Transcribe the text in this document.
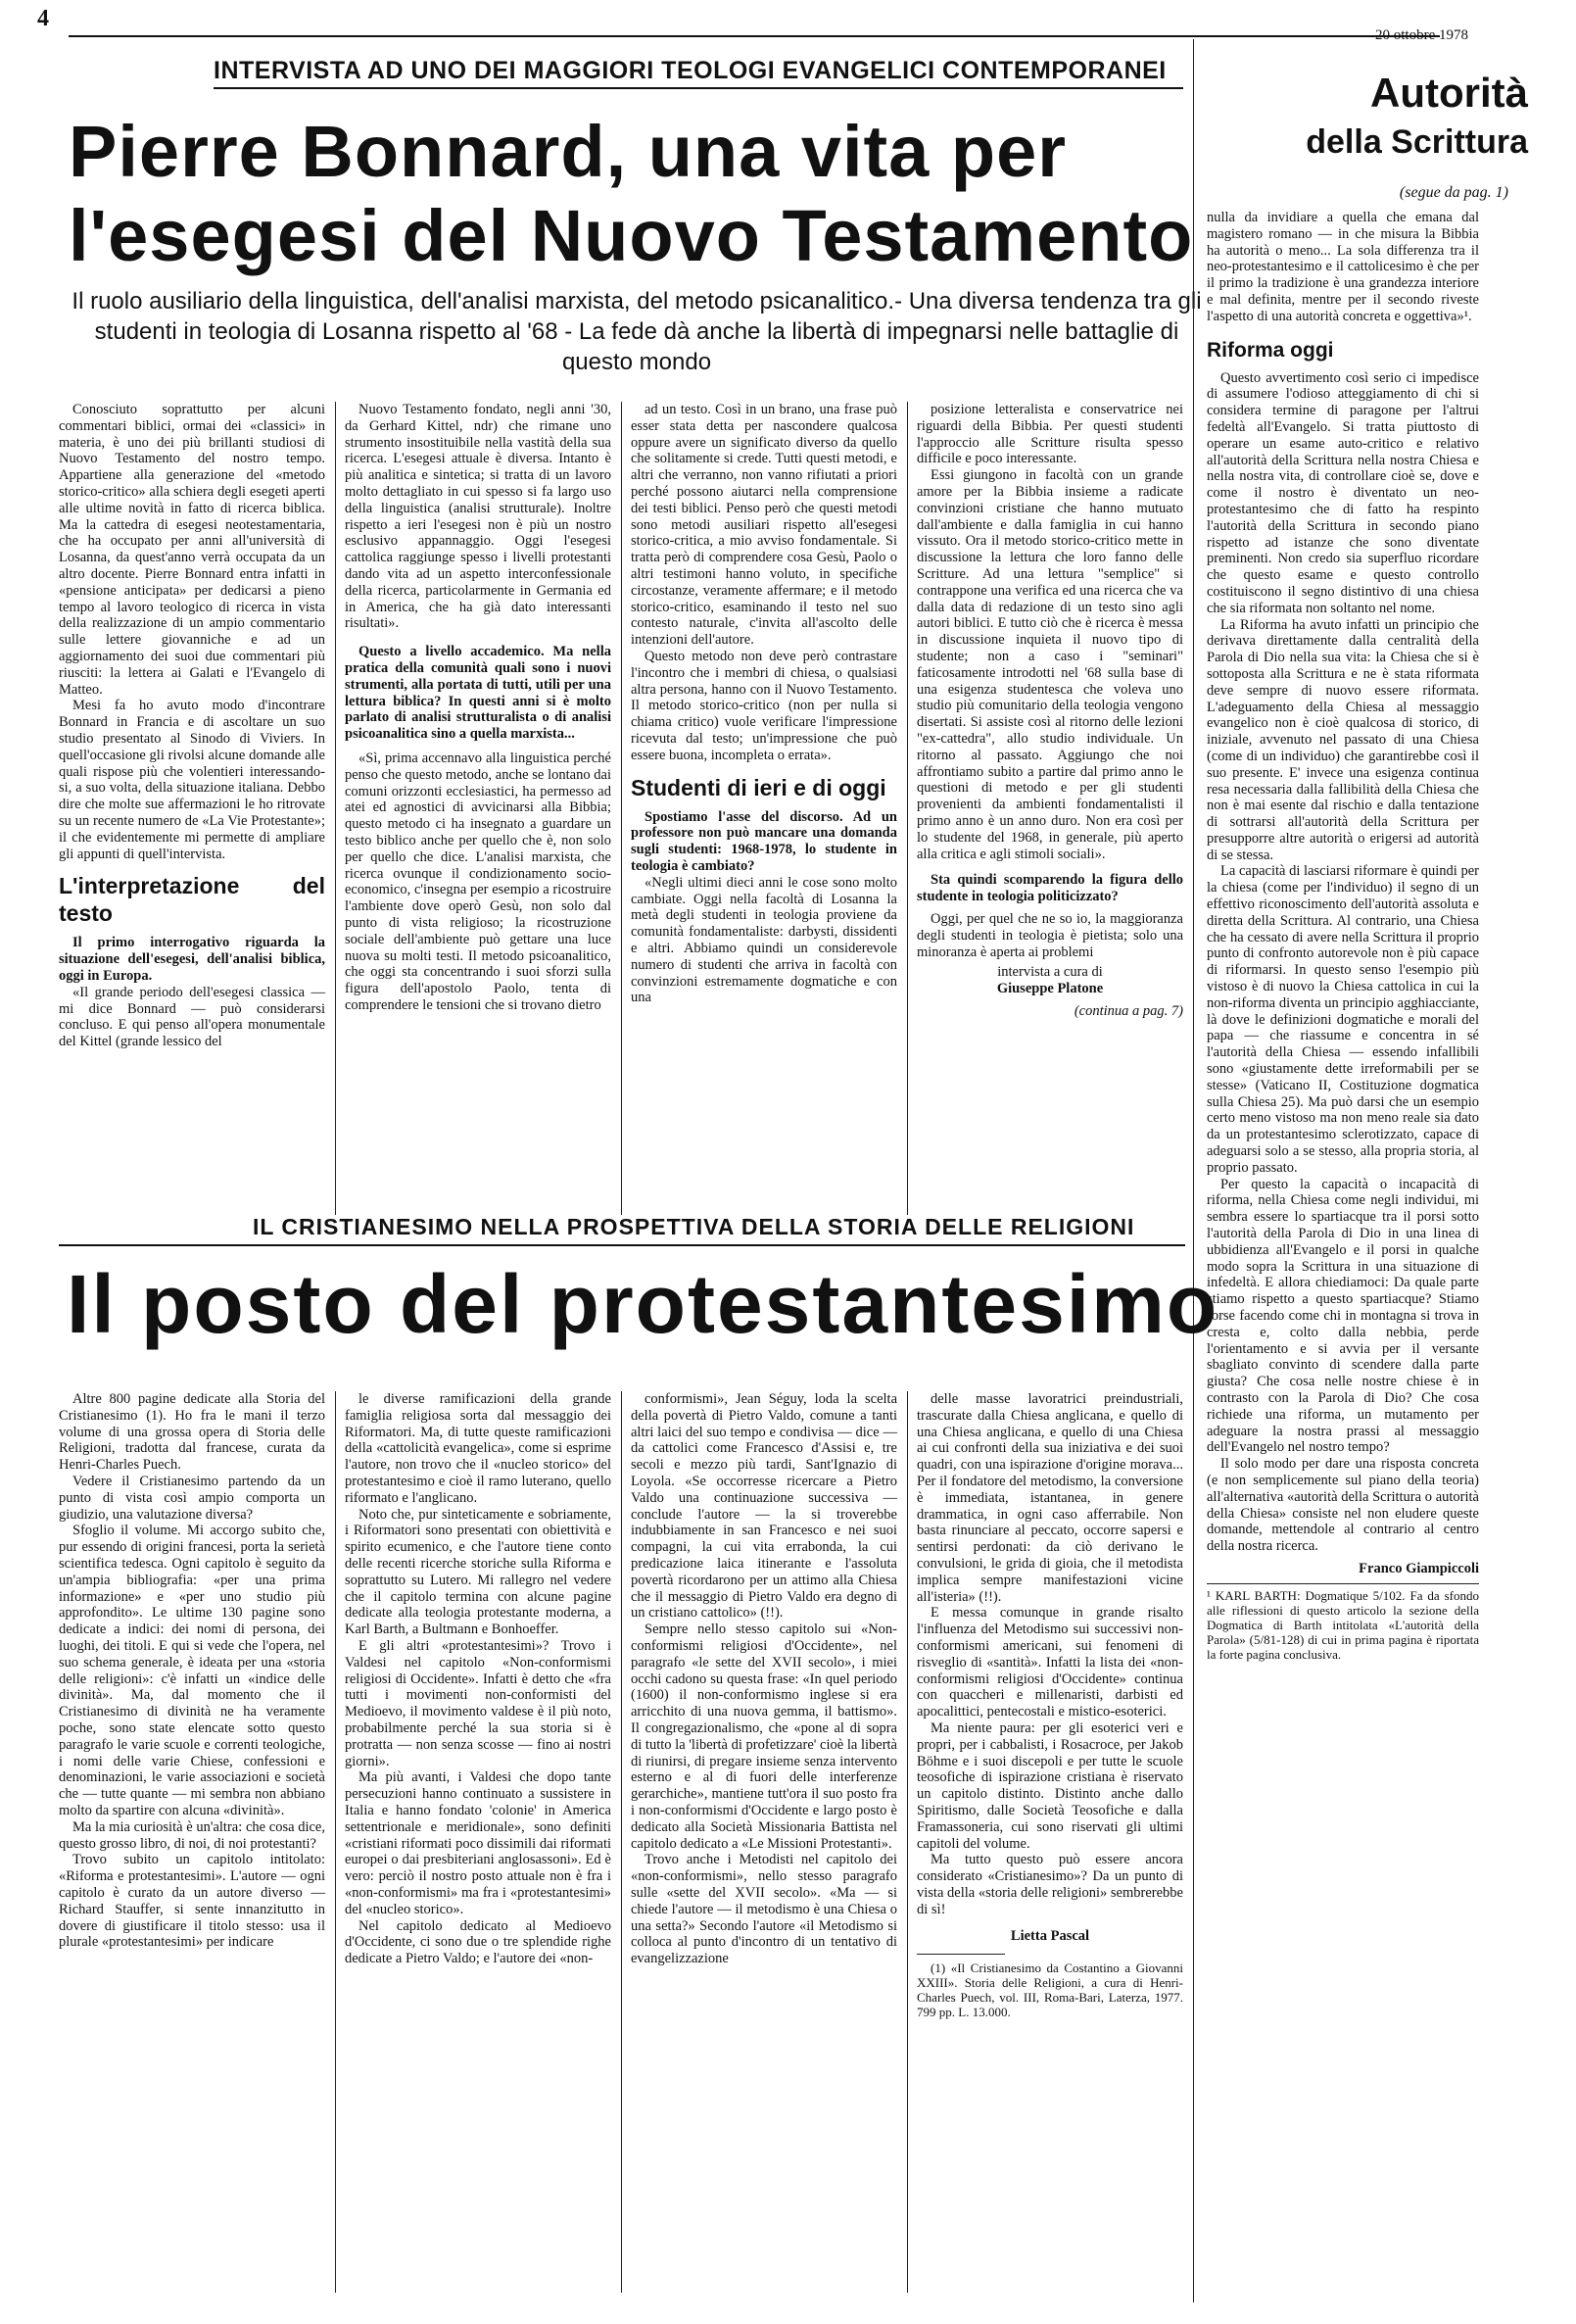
4
20 ottobre 1978
INTERVISTA AD UNO DEI MAGGIORI TEOLOGI EVANGELICI CONTEMPORANEI
Pierre Bonnard, una vita per
l'esegesi del Nuovo Testamento
Il ruolo ausiliario della linguistica, dell'analisi marxista, del metodo psicanalitico.- Una diversa tendenza tra gli studenti in teologia di Losanna rispetto al '68 - La fede dà anche la libertà di impegnarsi nelle battaglie di questo mondo

Conosciuto soprattutto per alcuni commentari biblici, ormai dei «classici» in materia, è uno dei più brillanti studiosi di Nuovo Testamento del nostro tempo. Appartiene alla generazione del «metodo storico-critico» alla schiera degli esegeti aperti alle ultime novità in fatto di ricerca biblica. Ma la cattedra di esegesi neotestamentaria, che ha occupato per anni all'università di Losanna, da quest'anno verrà occupata da un altro docente. Pierre Bonnard entra infatti in «pensione anticipata» per dedicarsi a pieno tempo al lavoro teologico di ricerca in vista della realizzazione di un ampio commentario sulle lettere giovanniche e ad un aggiornamento dei suoi due commentari più riusciti: la lettera ai Galati e l'Evangelo di Matteo.

Mesi fa ho avuto modo d'incontrare Bonnard in Francia e di ascoltare un suo studio presentato al Sinodo di Viviers. In quell'occasione gli rivolsi alcune domande alle quali rispose più che volentieri interessando-si, a suo volta, della situazione italiana. Debbo dire che molte sue affermazioni le ho ritrovate su un recente numero de «La Vie Protestante»; il che evidentemente mi permette di ampliare gli appunti di quell'intervista.

L'interpretazione del testo

Il primo interrogativo riguarda la situazione dell'esegesi, dell'analisi biblica, oggi in Europa.

«Il grande periodo dell'esegesi classica — mi dice Bonnard — può considerarsi concluso. E qui penso all'opera monumentale del Kittel (grande lessico del

Nuovo Testamento fondato, negli anni '30, da Gerhard Kittel, ndr) che rimane uno strumento insostituibile nella vastità della sua ricerca. L'esegesi attuale è diversa. Intanto è più analitica e sintetica; si tratta di un lavoro molto dettagliato in cui spesso si fa largo uso della linguistica (analisi strutturale). Inoltre rispetto a ieri l'esegesi non è più un nostro esclusivo appannaggio. Oggi l'esegesi cattolica raggiunge spesso i livelli protestanti dando vita ad un aspetto interconfessionale della ricerca, particolarmente in Germania ed in America, che ha già dato interessanti risultati».

Questo a livello accademico. Ma nella pratica della comunità quali sono i nuovi strumenti, alla portata di tutti, utili per una lettura biblica? In questi anni si è molto parlato di analisi strutturalista o di analisi psicoanalitica sino a quella marxista...

«Sì, prima accennavo alla linguistica perché penso che questo metodo, anche se lontano dai comuni orizzonti ecclesiastici, ha permesso ad atei ed agnostici di avvicinarsi alla Bibbia; questo metodo ci ha insegnato a guardare un testo biblico anche per quello che è, non solo per quello che dice. L'analisi marxista, che ricerca ovunque il condizionamento socio-economico, c'insegna per esempio a ricostruire l'ambiente dove operò Gesù, non solo dal punto di vista religioso; la ricostruzione sociale dell'ambiente può gettare una luce nuova su molti testi. Il metodo psicoanalitico, che oggi sta concentrando i suoi sforzi sulla figura dell'apostolo Paolo, tenta di comprendere le tensioni che si trovano dietro

ad un testo. Così in un brano, una frase può esser stata detta per nascondere qualcosa oppure avere un significato diverso da quello che solitamente si crede. Tutti questi metodi, e altri che verranno, non vanno rifiutati a priori perché possono aiutarci nella comprensione dei testi biblici. Penso però che questi metodi sono metodi ausiliari rispetto all'esegesi storico-critica, a mio avviso fondamentale. Si tratta però di comprendere cosa Gesù, Paolo o altri testimoni hanno voluto, in specifiche circostanze, veramente affermare; e il metodo storico-critico, esaminando il testo nel suo contesto naturale, c'invita all'ascolto delle intenzioni dell'autore.

Questo metodo non deve però contrastare l'incontro che i membri di chiesa, o qualsiasi altra persona, hanno con il Nuovo Testamento. Il metodo storico-critico (non per nulla si chiama critico) vuole verificare l'impressione ricevuta dal testo; un'impressione che può essere buona, incompleta o errata».

Studenti di ieri e di oggi

Spostiamo l'asse del discorso. Ad un professore non può mancare una domanda sugli studenti: 1968-1978, lo studente in teologia è cambiato?

«Negli ultimi dieci anni le cose sono molto cambiate. Oggi nella facoltà di Losanna la metà degli studenti in teologia proviene da comunità fondamentaliste: darbysti, dissidenti e altri. Abbiamo quindi un considerevole numero di studenti che arriva in facoltà con convinzioni estremamente dogmatiche e con una

posizione letteralista e conservatrice nei riguardi della Bibbia. Per questi studenti l'approccio alle Scritture risulta spesso difficile e poco interessante.

Essi giungono in facoltà con un grande amore per la Bibbia insieme a radicate convinzioni cristiane che hanno mutuato dall'ambiente e dalla famiglia in cui hanno vissuto. Ora il metodo storico-critico mette in discussione la lettura che loro fanno delle Scritture. Ad una lettura "semplice" si contrappone una verifica ed una ricerca che va dalla data di redazione di un testo sino agli autori biblici. E tutto ciò che è ricerca è messa in discussione inquieta il nuovo tipo di studente; non a caso i "seminari" faticosamente introdotti nel '68 sulla base di una esigenza studentesca che voleva uno studio più comunitario della teologia vengono disertati. Si assiste così al ritorno delle lezioni "ex-cattedra", allo studio individuale. Un ritorno al passato. Aggiungo che noi affrontiamo subito a partire dal primo anno le questioni di metodo e per gli studenti provenienti da ambienti fondamentalisti il primo anno è un anno duro. Non era così per lo studente del 1968, in generale, più aperto alla critica e agli stimoli sociali».

Sta quindi scomparendo la figura dello studente in teologia politicizzato?

Oggi, per quel che ne so io, la maggioranza degli studenti in teologia è pietista; solo una minoranza è aperta ai problemi

intervista a cura di

Giuseppe Platone

(continua a pag. 7)

Autorità
della Scrittura
(segue da pag. 1)

nulla da invidiare a quella che emana dal magistero romano — in che misura la Bibbia ha autorità o meno... La sola differenza tra il neo-protestantesimo e il cattolicesimo è che per il primo la tradizione è una grandezza interiore e mal definita, mentre per il secondo riveste l'aspetto di una autorità concreta e oggettiva»¹.

Riforma oggi

Questo avvertimento così serio ci impedisce di assumere l'odioso atteggiamento di chi si considera termine di paragone per l'altrui fedeltà all'Evangelo. Si tratta piuttosto di operare un esame auto-critico e relativo all'autorità della Scrittura nella nostra Chiesa e nella nostra vita, di controllare cioè se, dove e come il nostro è diventato un neo-protestantesimo che di fatto ha respinto l'autorità della Scrittura in secondo piano rispetto ad istanze che sono diventate preminenti. Non credo sia superfluo ricordare che questo esame e questo controllo costituiscono il segno distintivo di una chiesa che sia riformata non soltanto nel nome.

La Riforma ha avuto infatti un principio che derivava direttamente dalla centralità della Parola di Dio nella sua vita: la Chiesa che si è sottoposta alla Scrittura e ne è stata riformata deve sempre di nuovo essere riformata. L'adeguamento della Chiesa al messaggio evangelico non è cioè qualcosa di storico, di iniziale, avvenuto nel passato di una Chiesa (come di un individuo) che garantirebbe così il suo presente. E' invece una esigenza continua resa necessaria dalla fallibilità della Chiesa che non è mai esente dal rischio e dalla tentazione di sottrarsi all'autorità della Scrittura per presupporre altre autorità o erigersi ad autorità di se stessa.

La capacità di lasciarsi riformare è quindi per la chiesa (come per l'individuo) il segno di un effettivo riconoscimento dell'autorità assoluta e diretta della Scrittura. Al contrario, una Chiesa che ha cessato di avere nella Scrittura il proprio punto di confronto autorevole non è più capace di riformarsi. In questo senso l'esempio più vistoso è di nuovo la Chiesa cattolica in cui la non-riforma diventa un principio agghiacciante, là dove le definizioni dogmatiche e morali del papa — che riassume e concentra in sé l'autorità della Chiesa — essendo infallibili sono «giustamente dette irreformabili per se stesse» (Vaticano II, Costituzione dogmatica sulla Chiesa 25). Ma può darsi che un esempio certo meno vistoso ma non meno reale sia dato da un protestantesimo sclerotizzato, capace di adeguarsi solo a se stesso, alla propria storia, al proprio passato.

Per questo la capacità o incapacità di riforma, nella Chiesa come negli individui, mi sembra essere lo spartiacque tra il porsi sotto l'autorità della Parola di Dio in una linea di ubbidienza all'Evangelo e il porsi in qualche modo sopra la Scrittura in una situazione di infedeltà. E allora chiediamoci: Da quale parte stiamo rispetto a questo spartiacque? Stiamo forse facendo come chi in montagna si trova in cresta e, colto dalla nebbia, perde l'orientamento e si avvia per il versante sbagliato convinto di scendere dalla parte giusta? Che cosa nelle nostre chiese è in contrasto con la Parola di Dio? Che cosa richiede una riforma, un mutamento per adeguare la nostra prassi al messaggio dell'Evangelo nel nostro tempo?

Il solo modo per dare una risposta concreta (e non semplicemente sul piano della teoria) all'alternativa «autorità della Scrittura o autorità della Chiesa» consiste nel non eludere queste domande, mettendole al contrario al centro della nostra ricerca.

Franco Giampiccoli

¹ KARL BARTH: Dogmatique 5/102. Fa da sfondo alle riflessioni di questo articolo la sezione della Dogmatica di Barth intitolata «L'autorità della Parola» (5/81-128) di cui in prima pagina è riportata la forte pagina conclusiva.

IL CRISTIANESIMO NELLA PROSPETTIVA DELLA STORIA DELLE RELIGIONI
Il posto del protestantesimo

Altre 800 pagine dedicate alla Storia del Cristianesimo (1). Ho fra le mani il terzo volume di una grossa opera di Storia delle Religioni, tradotta dal francese, curata da Henri-Charles Puech.

Vedere il Cristianesimo partendo da un punto di vista così ampio comporta un giudizio, una valutazione diversa?

Sfoglio il volume. Mi accorgo subito che, pur essendo di origini francesi, porta la serietà scientifica tedesca. Ogni capitolo è seguito da un'ampia bibliografia: «per una prima informazione» e «per uno studio più approfondito». Le ultime 130 pagine sono dedicate a indici: dei nomi di persona, dei luoghi, dei titoli. E qui si vede che l'opera, nel suo schema generale, è ideata per una «storia delle religioni»: c'è infatti un «indice delle divinità». Ma, dal momento che il Cristianesimo di divinità ne ha veramente poche, sono state elencate sotto questo paragrafo le varie scuole e correnti teologiche, i nomi delle varie Chiese, confessioni e denominazioni, le varie associazioni e società che — tutte quante — mi sembra non abbiano molto da spartire con alcuna «divinità».

Ma la mia curiosità è un'altra: che cosa dice, questo grosso libro, di noi, di noi protestanti?

Trovo subito un capitolo intitolato: «Riforma e protestantesimi». L'autore — ogni capitolo è curato da un autore diverso — Richard Stauffer, si sente innanzitutto in dovere di giustificare il titolo stesso: usa il plurale «protestantesimi» per indicare

le diverse ramificazioni della grande famiglia religiosa sorta dal messaggio dei Riformatori. Ma, di tutte queste ramificazioni della «cattolicità evangelica», come si esprime l'autore, non trovo che il «nucleo storico» del protestantesimo e cioè il ramo luterano, quello riformato e l'anglicano.

Noto che, pur sinteticamente e sobriamente, i Riformatori sono presentati con obiettività e spirito ecumenico, e che l'autore tiene conto delle recenti ricerche storiche sulla Riforma e soprattutto su Lutero. Mi rallegro nel vedere che il capitolo termina con alcune pagine dedicate alla teologia protestante moderna, a Karl Barth, a Bultmann e Bonhoeffer.

E gli altri «protestantesimi»? Trovo i Valdesi nel capitolo «Non-conformismi religiosi di Occidente». Infatti è detto che «fra tutti i movimenti non-conformisti del Medioevo, il movimento valdese è il più noto, probabilmente perché la sua storia si è protratta — non senza scosse — fino ai nostri giorni».

Ma più avanti, i Valdesi che dopo tante persecuzioni hanno continuato a sussistere in Italia e hanno fondato 'colonie' in America settentrionale e meridionale», sono definiti «cristiani riformati poco dissimili dai riformati europei o dai presbiteriani anglosassoni». Ed è vero: perciò il nostro posto attuale non è fra i «non-conformismi» ma fra i «protestantesimi» del «nucleo storico».

Nel capitolo dedicato al Medioevo d'Occidente, ci sono due o tre splendide righe dedicate a Pietro Valdo; e l'autore dei «non-

conformismi», Jean Séguy, loda la scelta della povertà di Pietro Valdo, comune a tanti altri laici del suo tempo e condivisa — dice — da cattolici come Francesco d'Assisi e, tre secoli e mezzo più tardi, Sant'Ignazio di Loyola. «Se occorresse ricercare a Pietro Valdo una continuazione successiva — conclude l'autore — la si troverebbe indubbiamente in san Francesco e nei suoi compagni, la cui vita errabonda, la cui predicazione laica itinerante e l'assoluta povertà ricordarono per un attimo alla Chiesa che il messaggio di Pietro Valdo era degno di un cristiano cattolico» (!!).

Sempre nello stesso capitolo sui «Non-conformismi religiosi d'Occidente», nel paragrafo «le sette del XVII secolo», i miei occhi cadono su questa frase: «In quel periodo (1600) il non-conformismo inglese si era arricchito di una nuova gemma, il battismo». Il congregazionalismo, che «pone al di sopra di tutto la 'libertà di profetizzare' cioè la libertà di riunirsi, di pregare insieme senza intervento esterno e al di fuori delle interferenze gerarchiche», mantiene tutt'ora il suo posto fra i non-conformismi d'Occidente e largo posto è dedicato alla Società Missionaria Battista nel capitolo dedicato a «Le Missioni Protestanti».

Trovo anche i Metodisti nel capitolo dei «non-conformismi», nello stesso paragrafo sulle «sette del XVII secolo». «Ma — si chiede l'autore — il metodismo è una Chiesa o una setta?» Secondo l'autore «il Metodismo si colloca al punto d'incontro di un tentativo di evangelizzazione

delle masse lavoratrici preindustriali, trascurate dalla Chiesa anglicana, e quello di una Chiesa anglicana, e quello di una Chiesa ai cui confronti della sua iniziativa e dei suoi quadri, con una ispirazione d'origine morava... Per il fondatore del metodismo, la conversione è immediata, istantanea, in genere drammatica, in ogni caso afferrabile. Non basta rinunciare al peccato, occorre sapersi e sentirsi perdonati: da ciò derivano le convulsioni, le grida di gioia, che il metodista implica sempre manifestazioni vicine all'isteria» (!!).

E messa comunque in grande risalto l'influenza del Metodismo sui successivi non-conformismi americani, sui fenomeni di risveglio di «santità». Infatti la lista dei «non-conformismi religiosi d'Occidente» continua con quaccheri e millenaristi, darbisti ed apocalittici, pentecostali e mistico-esoterici.

Ma niente paura: per gli esoterici veri e propri, per i cabbalisti, i Rosacroce, per Jakob Böhme e i suoi discepoli e per tutte le scuole teosofiche di ispirazione cristiana è riservato un capitolo distinto. Distinto anche dallo Spiritismo, dalle Società Teosofiche e dalla Framassoneria, cui sono riservati gli ultimi capitoli del volume.

Ma tutto questo può essere ancora considerato «Cristianesimo»? Da un punto di vista della «storia delle religioni» sembrerebbe di sì!

Lietta Pascal

(1) «Il Cristianesimo da Costantino a Giovanni XXIII». Storia delle Religioni, a cura di Henri-Charles Puech, vol. III, Roma-Bari, Laterza, 1977. 799 pp. L. 13.000.
